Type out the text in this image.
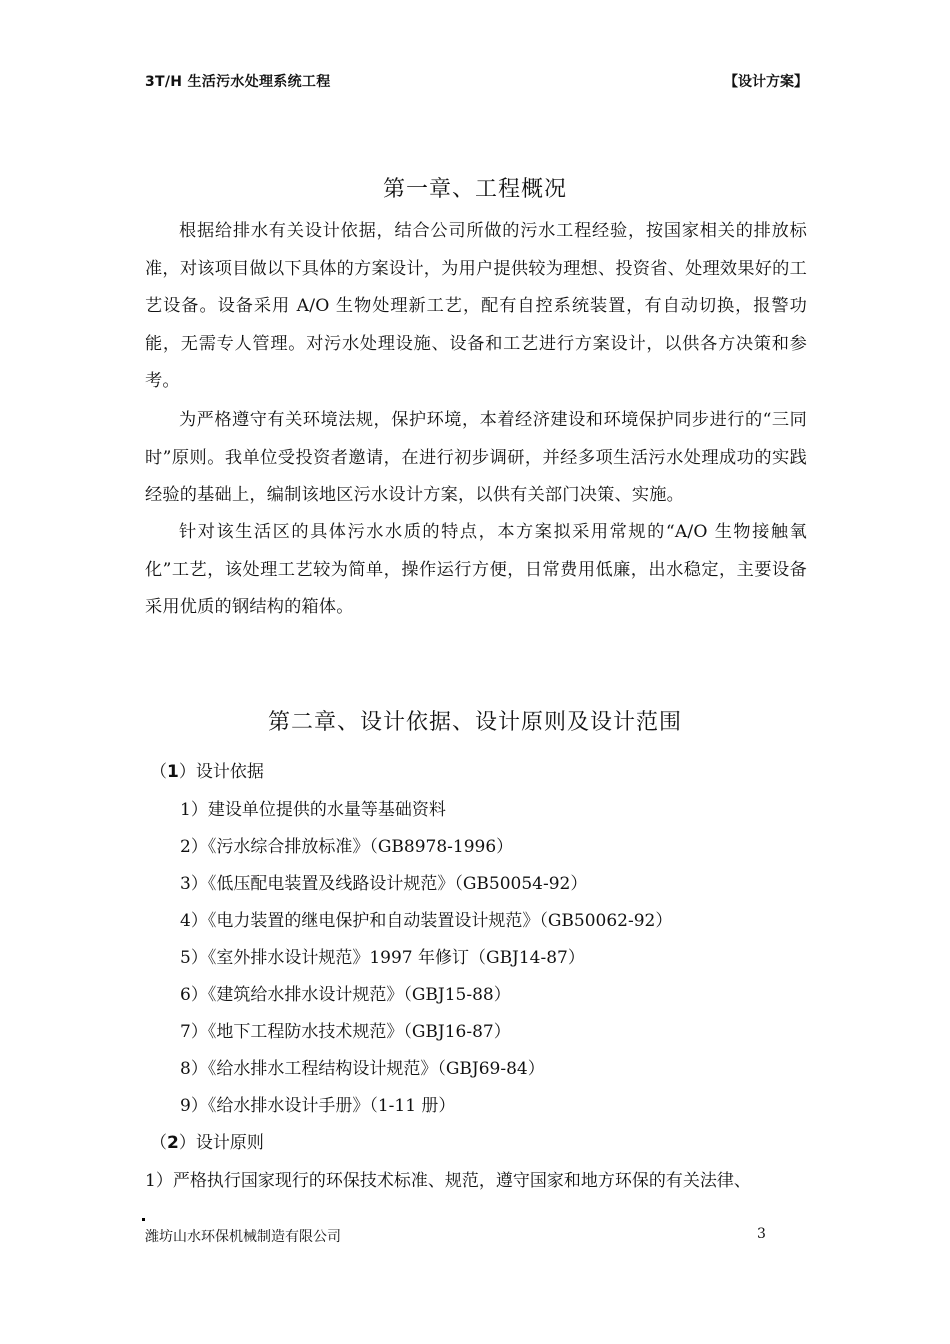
3T/H 生活污水处理系统工程	【设计方案】
第一章、工程概况

根据给排水有关设计依据，结合公司所做的污水工程经验，按国家相关的排放标准，对该项目做以下具体的方案设计，为用户提供较为理想、投资省、处理效果好的工艺设备。设备采用 A/O 生物处理新工艺，配有自控系统装置，有自动切换，报警功能，无需专人管理。对污水处理设施、设备和工艺进行方案设计，以供各方决策和参考。

为严格遵守有关环境法规，保护环境，本着经济建设和环境保护同步进行的“三同时”原则。我单位受投资者邀请，在进行初步调研，并经多项生活污水处理成功的实践经验的基础上，编制该地区污水设计方案，以供有关部门决策、实施。

针对该生活区的具体污水水质的特点，本方案拟采用常规的“A/O 生物接触氧化”工艺，该处理工艺较为简单，操作运行方便，日常费用低廉，出水稳定，主要设备采用优质的钢结构的箱体。

第二章、设计依据、设计原则及设计范围
（1）设计依据
1）建设单位提供的水量等基础资料
2）《污水综合排放标准》（GB8978-1996）
3）《低压配电装置及线路设计规范》（GB50054-92）
4）《电力装置的继电保护和自动装置设计规范》（GB50062-92）
5）《室外排水设计规范》1997 年修订（GBJ14-87）
6）《建筑给水排水设计规范》（GBJ15-88）
7）《地下工程防水技术规范》（GBJ16-87）
8）《给水排水工程结构设计规范》（GBJ69-84）
9）《给水排水设计手册》（1-11 册）
（2）设计原则
1）严格执行国家现行的环保技术标准、规范，遵守国家和地方环保的有关法律、
潍坊山水环保机械制造有限公司	3
